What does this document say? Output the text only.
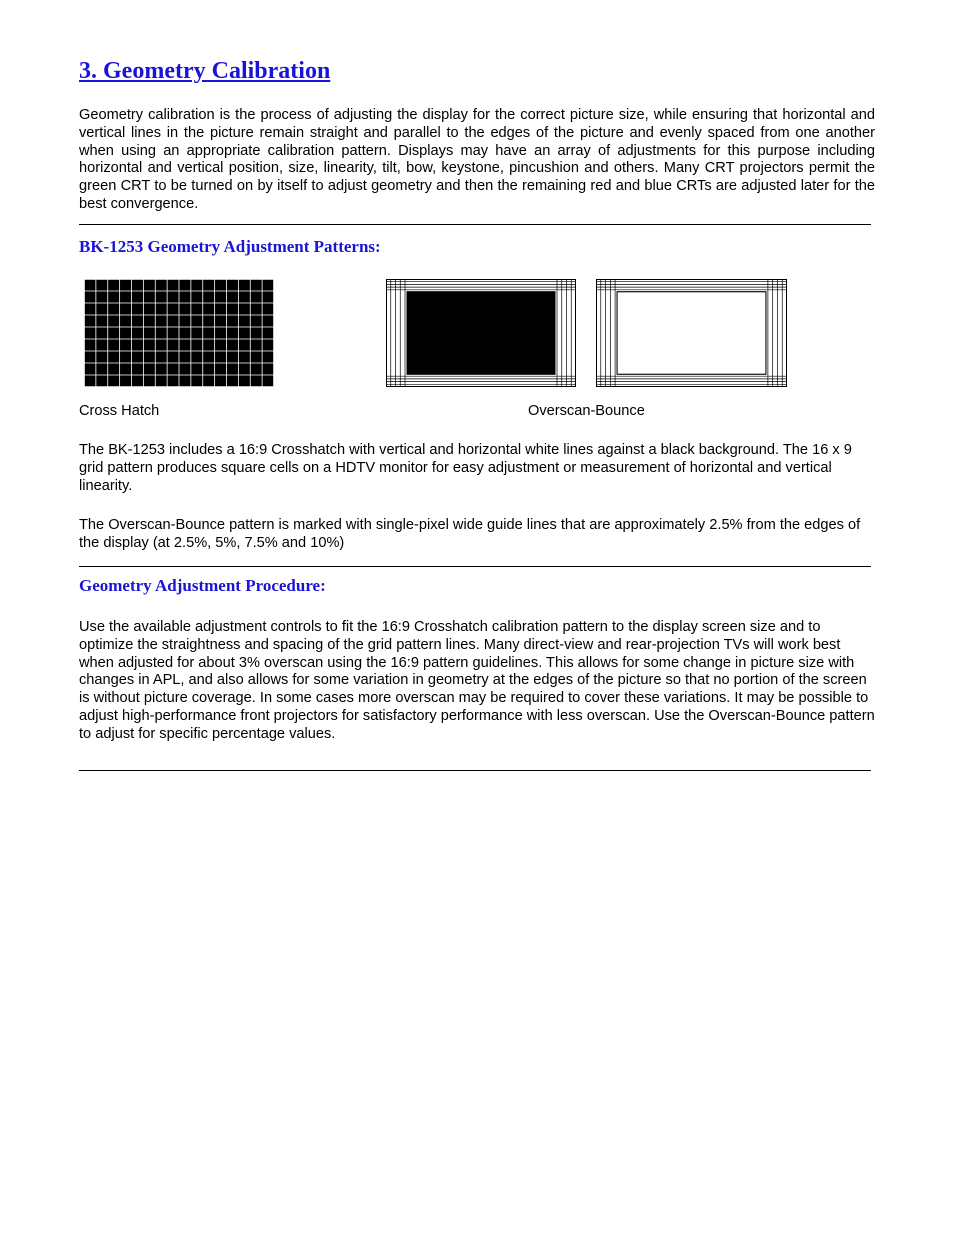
3. Geometry Calibration

Geometry calibration is the process of adjusting the display for the correct picture size, while ensuring that horizontal and vertical lines in the picture remain straight and parallel to the edges of the picture and evenly spaced from one another when using an appropriate calibration pattern. Displays may have an array of adjustments for this purpose including horizontal and vertical position, size, linearity, tilt, bow, keystone, pincushion and others. Many CRT projectors permit the green CRT to be turned on by itself to adjust geometry and then the remaining red and blue CRTs are adjusted later for the best convergence.

BK-1253 Geometry Adjustment Patterns:
Cross Hatch	Overscan-Bounce

The BK-1253 includes a 16:9 Crosshatch with vertical and horizontal white lines against a black background. The 16 x 9 grid pattern produces square cells on a HDTV monitor for easy adjustment or measurement of horizontal and vertical linearity.

The Overscan-Bounce pattern is marked with single-pixel wide guide lines that are approximately 2.5% from the edges of the display (at 2.5%, 5%, 7.5% and 10%)

Geometry Adjustment Procedure:

Use the available adjustment controls to fit the 16:9 Crosshatch calibration pattern to the display screen size and to optimize the straightness and spacing of the grid pattern lines. Many direct-view and rear-projection TVs will work best when adjusted for about 3% overscan using the 16:9 pattern guidelines. This allows for some change in picture size with changes in APL, and also allows for some variation in geometry at the edges of the picture so that no portion of the screen is without picture coverage. In some cases more overscan may be required to cover these variations. It may be possible to adjust high-performance front projectors for satisfactory performance with less overscan. Use the Overscan-Bounce pattern to adjust for specific percentage values.
